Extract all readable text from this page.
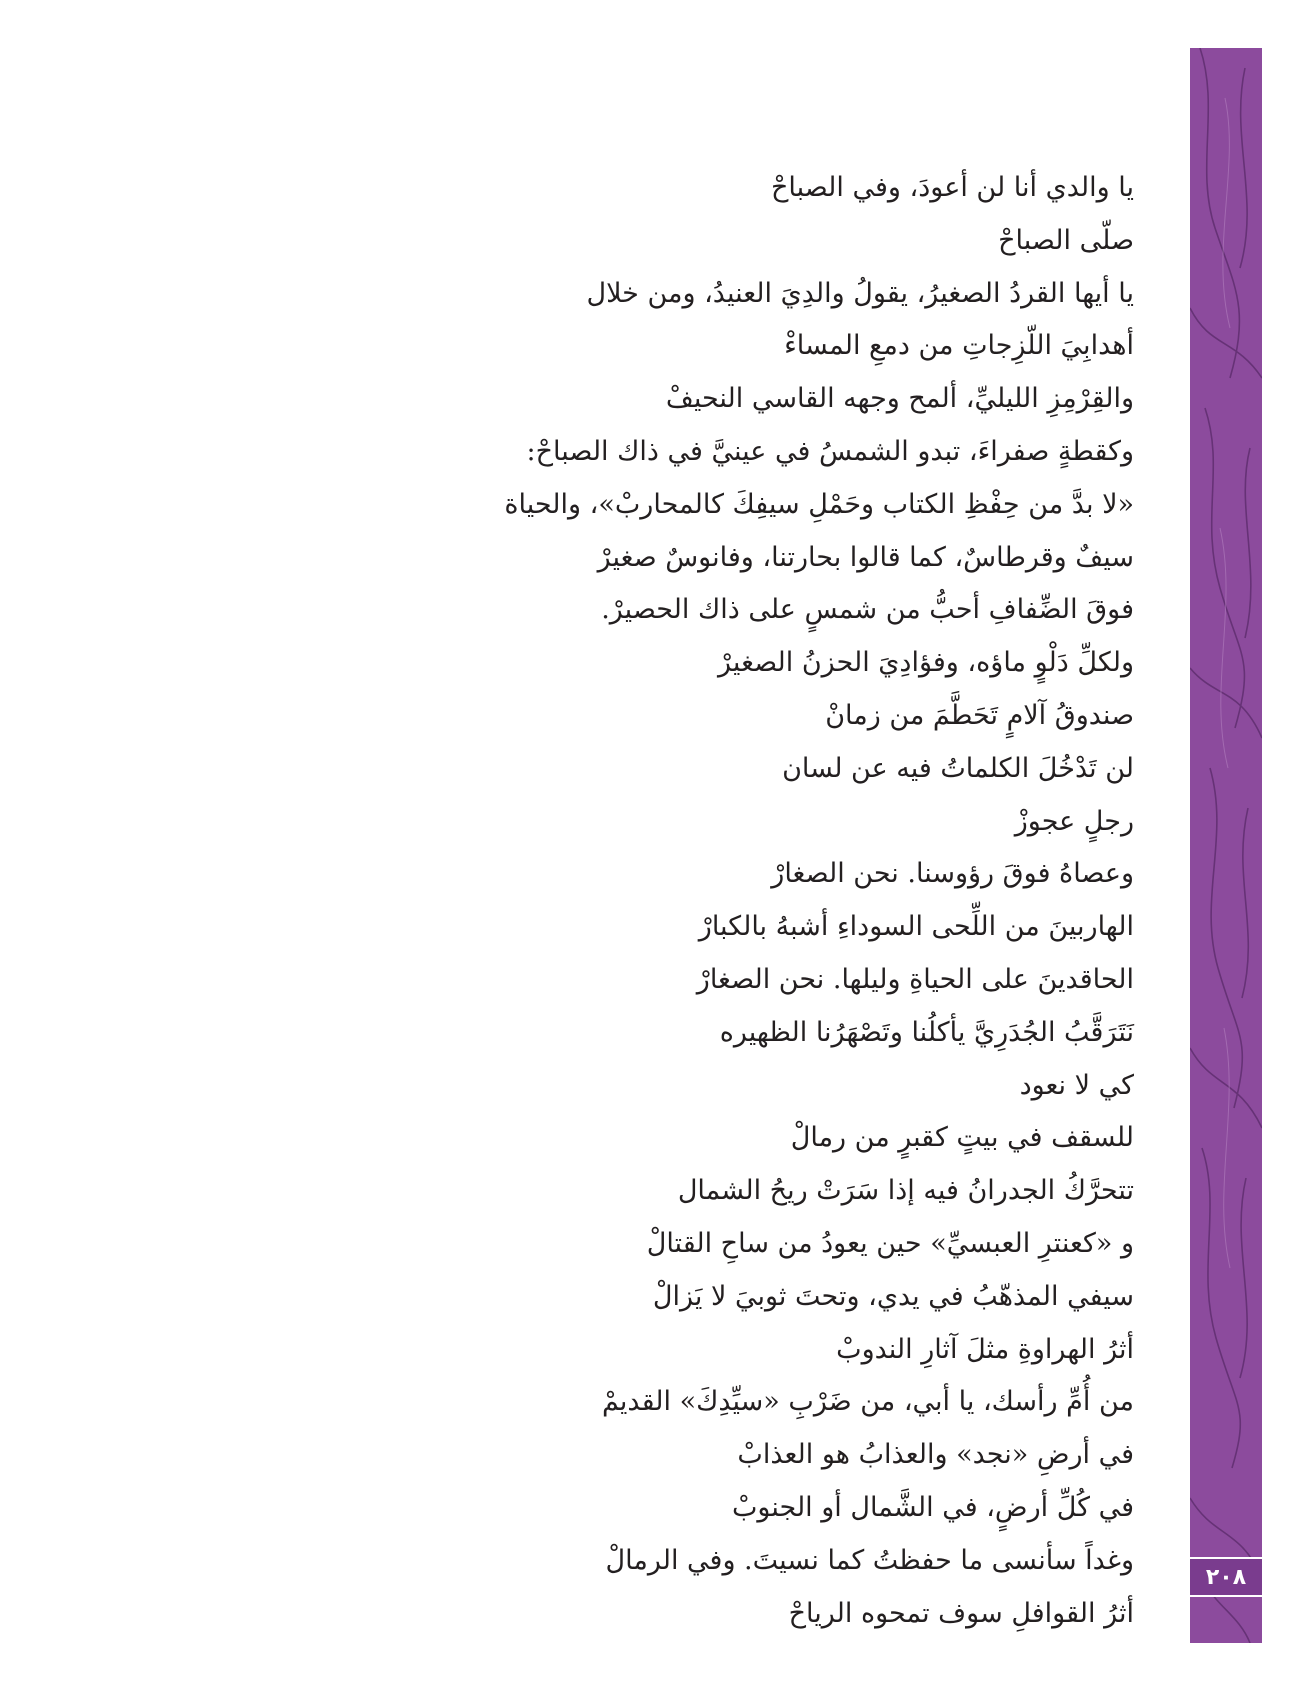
٢٠٨
يا والدي أنا لن أعودَ، وفي الصباحْ
صلّى الصباحْ
يا أيها القردُ الصغيرُ، يقولُ والدِيَ العنيدُ، ومن خلال
أهدابِيَ اللّزِجاتِ من دمعِ المساءْ
والقِرْمِزِ الليليِّ، ألمح وجهه القاسي النحيفْ
وكقطةٍ صفراءَ، تبدو الشمسُ في عينيَّ في ذاك الصباحْ:
«لا بدَّ من حِفْظِ الكتاب وحَمْلِ سيفِكَ كالمحاربْ»، والحياة
سيفٌ وقرطاسٌ، كما قالوا بحارتنا، وفانوسٌ صغيرْ
فوقَ الضِّفافِ أحبُّ من شمسٍ على ذاك الحصيرْ.
ولكلِّ دَلْوٍ ماؤه، وفؤادِيَ الحزنُ الصغيرْ
صندوقُ آلامٍ تَحَطَّمَ من زمانْ
لن تَدْخُلَ الكلماتُ فيه عن لسان
رجلٍ عجوزْ
وعصاهُ فوقَ رؤوسنا. نحن الصغارْ
الهاربينَ من اللِّحى السوداءِ أشبهُ بالكبارْ
الحاقدينَ على الحياةِ وليلها. نحن الصغارْ
نَتَرَقَّبُ الجُدَرِيَّ يأكلُنا وتَصْهَرُنا الظهيره
كي لا نعود
للسقف في بيتٍ كقبرٍ من رمالْ
تتحرَّكُ الجدرانُ فيه إذا سَرَتْ ريحُ الشمال
و «كعنترِ العبسيِّ» حين يعودُ من ساحِ القتالْ
سيفي المذهّبُ في يدي، وتحتَ ثوبيَ لا يَزالْ
أثرُ الهراوةِ مثلَ آثارِ الندوبْ
من أُمِّ رأسك، يا أبي، من ضَرْبِ «سيِّدِكَ» القديمْ
في أرضِ «نجد» والعذابُ هو العذابْ
في كُلِّ أرضٍ، في الشَّمال أو الجنوبْ
وغداً سأنسى ما حفظتُ كما نسيتَ. وفي الرمالْ
أثرُ القوافلِ سوف تمحوه الرياحْ
